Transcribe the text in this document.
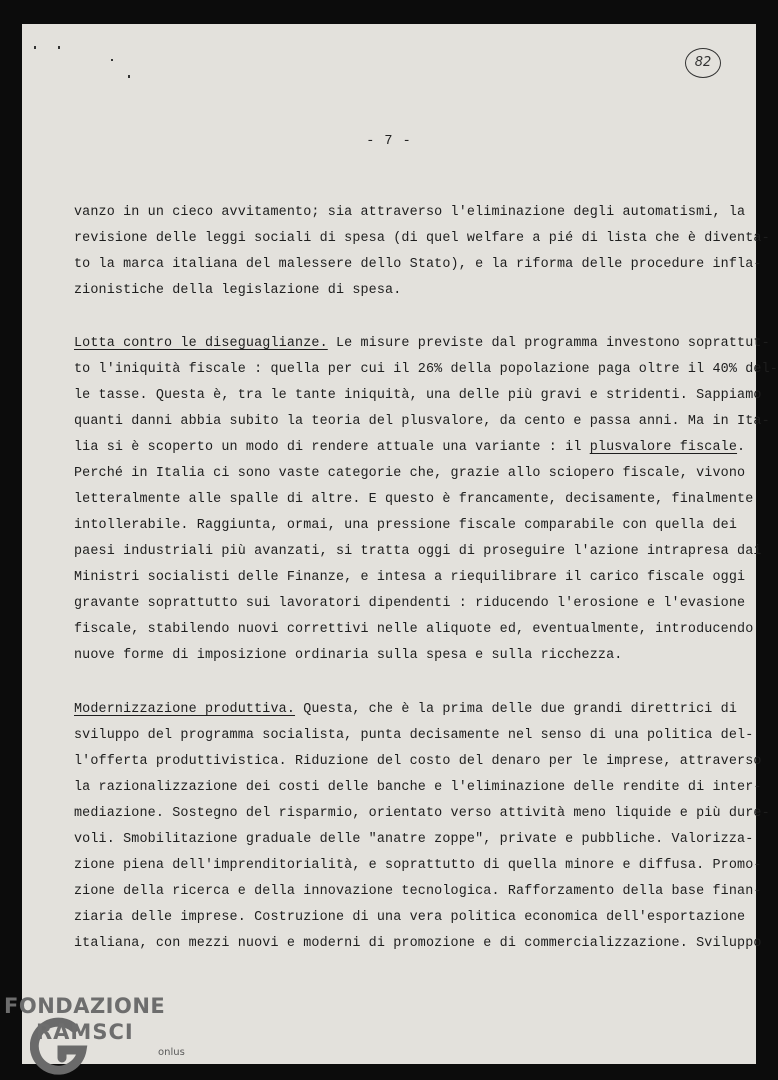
82
- 7 -
vanzo in un cieco avvitamento; sia attraverso l'eliminazione degli automatismi, la
revisione delle leggi sociali di spesa (di quel welfare a pié di lista che è diventa-
to la marca italiana del malessere dello Stato), e la riforma delle procedure infla-
zionistiche della legislazione di spesa.
Lotta contro le diseguaglianze. Le misure previste dal programma investono soprattut-
to l'iniquità fiscale : quella per cui il 26% della popolazione paga oltre il 40% del-
le tasse. Questa è, tra le tante iniquità, una delle più gravi e stridenti. Sappiamo
quanti danni abbia subito la teoria del plusvalore, da cento e passa anni. Ma in Ita-
lia si è scoperto un modo di rendere attuale una variante : il plusvalore fiscale.
Perché in Italia ci sono vaste categorie che, grazie allo sciopero fiscale, vivono
letteralmente alle spalle di altre. E questo è francamente, decisamente, finalmente
intollerabile. Raggiunta, ormai, una pressione fiscale comparabile con quella dei
paesi industriali più avanzati, si tratta oggi di proseguire l'azione intrapresa dai
Ministri socialisti delle Finanze, e intesa a riequilibrare il carico fiscale oggi
gravante soprattutto sui lavoratori dipendenti : riducendo l'erosione e l'evasione
fiscale, stabilendo nuovi correttivi nelle aliquote ed, eventualmente, introducendo
nuove forme di imposizione ordinaria sulla spesa e sulla ricchezza.
Modernizzazione produttiva. Questa, che è la prima delle due grandi direttrici di
sviluppo del programma socialista, punta decisamente nel senso di una politica del-
l'offerta produttivistica. Riduzione del costo del denaro per le imprese, attraverso
la razionalizzazione dei costi delle banche e l'eliminazione delle rendite di inter-
mediazione. Sostegno del risparmio, orientato verso attività meno liquide e più dure-
voli. Smobilitazione graduale delle "anatre zoppe", private e pubbliche. Valorizza-
zione piena dell'imprenditorialità, e soprattutto di quella minore e diffusa. Promo-
zione della ricerca e della innovazione tecnologica. Rafforzamento della base finan-
ziaria delle imprese. Costruzione di una vera politica economica dell'esportazione
italiana, con mezzi nuovi e moderni di promozione e di commercializzazione. Sviluppo
FONDAZIONE
RAMSCI
onlus
